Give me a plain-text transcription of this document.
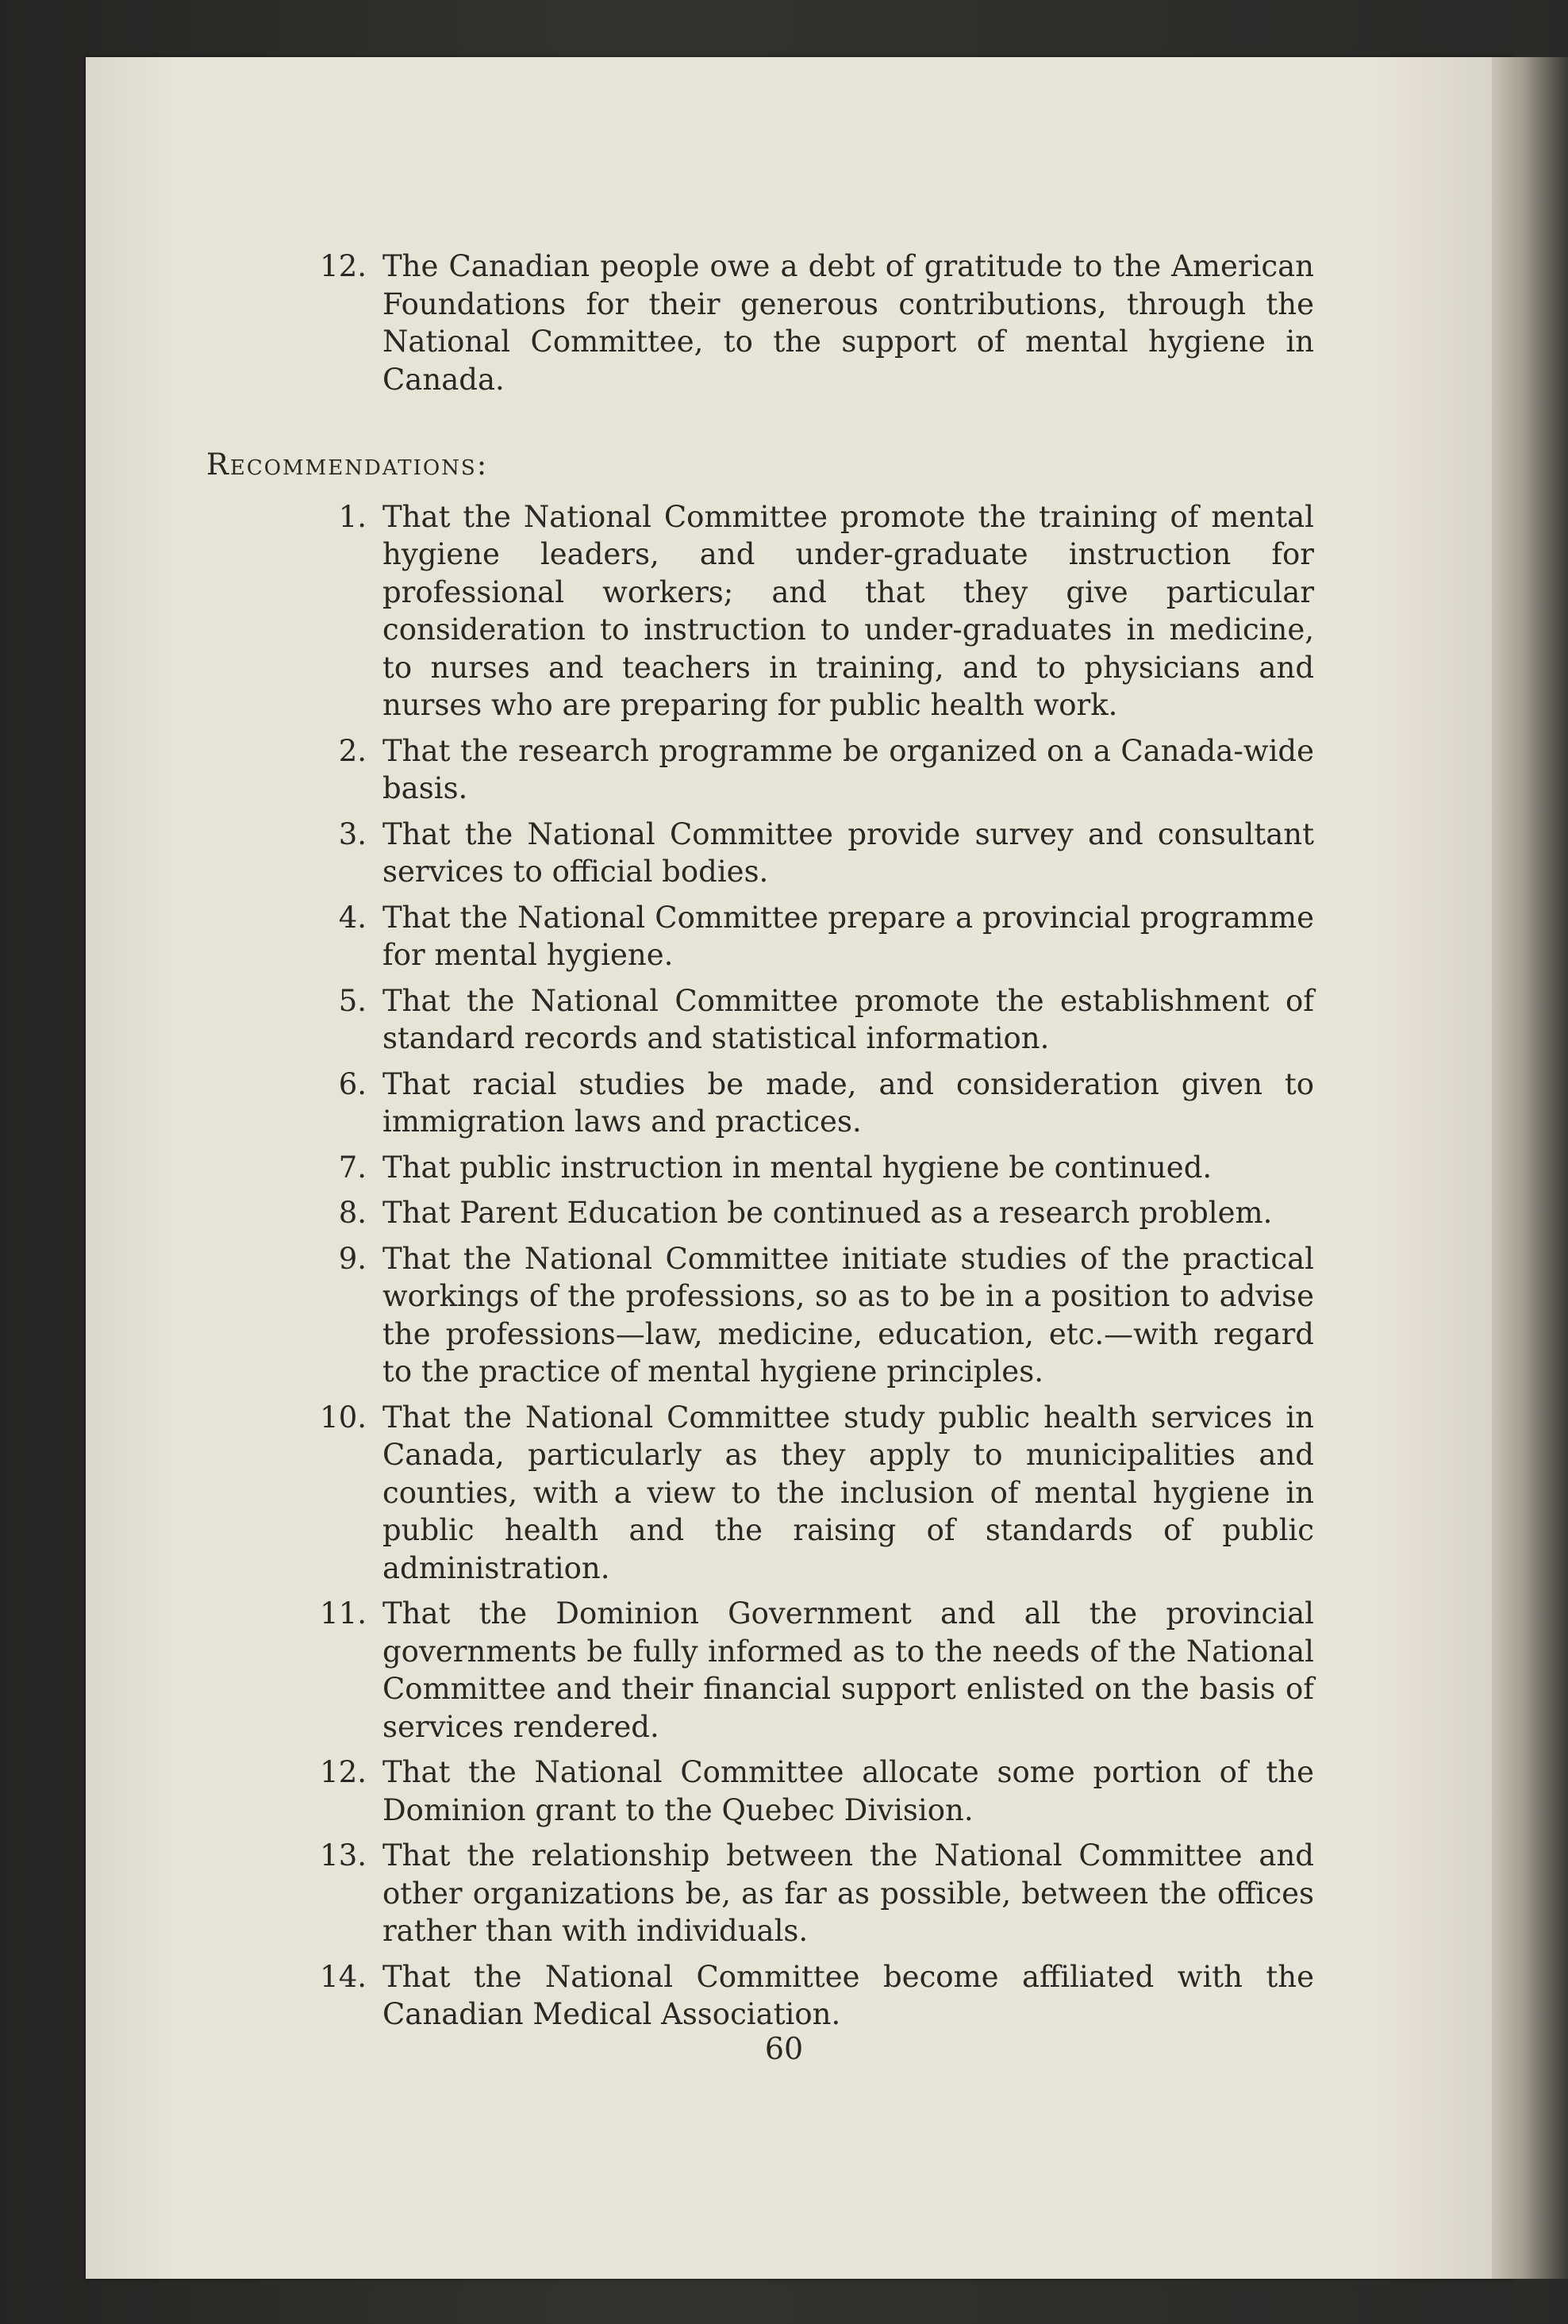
12. The Canadian people owe a debt of gratitude to the American Foundations for their generous contributions, through the National Committee, to the support of mental hygiene in Canada.
Recommendations:
1. That the National Committee promote the training of mental hygiene leaders, and under-graduate instruction for professional workers; and that they give particular consideration to instruction to under-graduates in medicine, to nurses and teachers in training, and to physicians and nurses who are preparing for public health work.
2. That the research programme be organized on a Canada-wide basis.
3. That the National Committee provide survey and consultant services to official bodies.
4. That the National Committee prepare a provincial programme for mental hygiene.
5. That the National Committee promote the establishment of standard records and statistical information.
6. That racial studies be made, and consideration given to immigration laws and practices.
7. That public instruction in mental hygiene be continued.
8. That Parent Education be continued as a research problem.
9. That the National Committee initiate studies of the practical workings of the professions, so as to be in a position to advise the professions—law, medicine, education, etc.—with regard to the practice of mental hygiene principles.
10. That the National Committee study public health services in Canada, particularly as they apply to municipalities and counties, with a view to the inclusion of mental hygiene in public health and the raising of standards of public administration.
11. That the Dominion Government and all the provincial governments be fully informed as to the needs of the National Committee and their financial support enlisted on the basis of services rendered.
12. That the National Committee allocate some portion of the Dominion grant to the Quebec Division.
13. That the relationship between the National Committee and other organizations be, as far as possible, between the offices rather than with individuals.
14. That the National Committee become affiliated with the Canadian Medical Association.
60
